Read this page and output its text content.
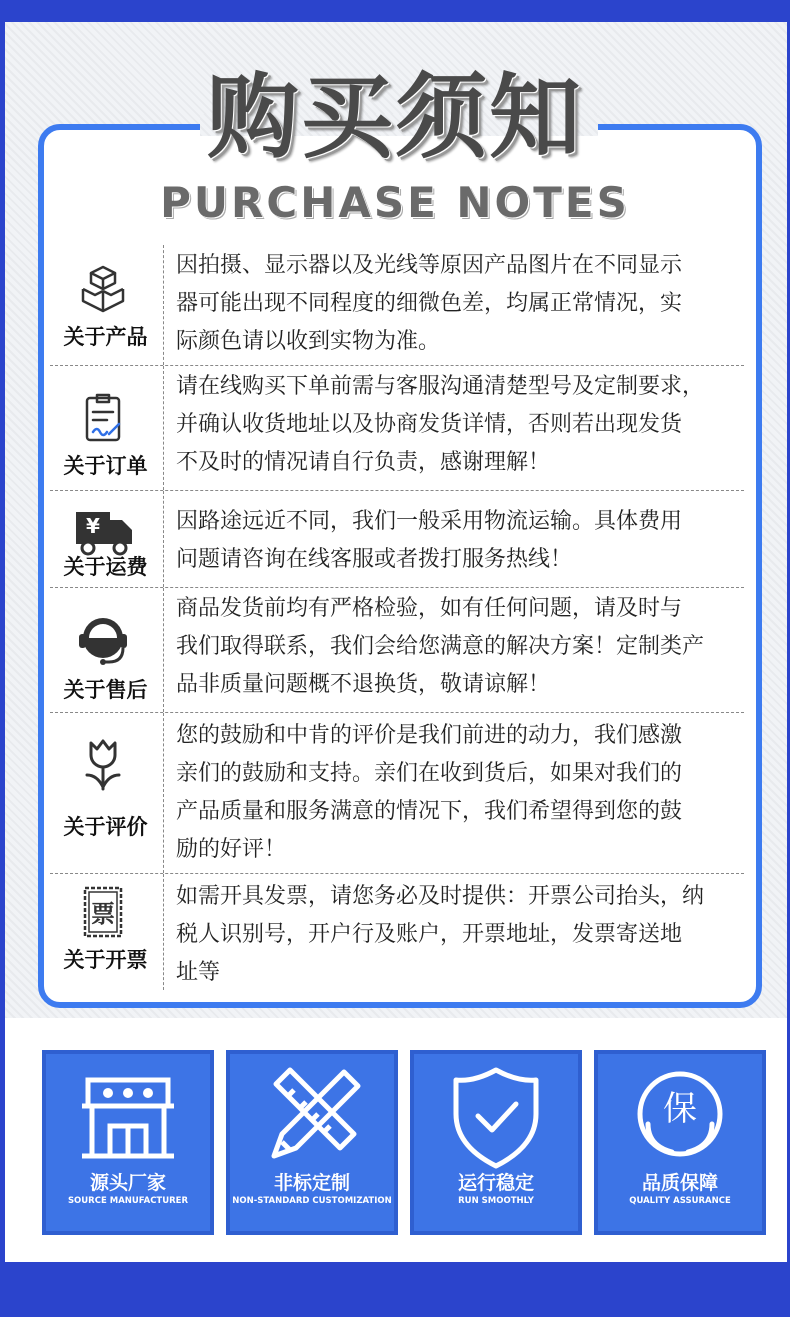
购买须知
PURCHASE NOTES
关于产品
因拍摄、显示器以及光线等原因产品图片在不同显示
器可能出现不同程度的细微色差，均属正常情况，实
际颜色请以收到实物为准。
关于订单
请在线购买下单前需与客服沟通清楚型号及定制要求，
并确认收货地址以及协商发货详情，否则若出现发货
不及时的情况请自行负责，感谢理解！
¥
关于运费
因路途远近不同，我们一般采用物流运输。具体费用
问题请咨询在线客服或者拨打服务热线！
关于售后
商品发货前均有严格检验，如有任何问题，请及时与
我们取得联系，我们会给您满意的解决方案！定制类产
品非质量问题概不退换货，敬请谅解！
关于评价
您的鼓励和中肯的评价是我们前进的动力，我们感激
亲们的鼓励和支持。亲们在收到货后，如果对我们的
产品质量和服务满意的情况下，我们希望得到您的鼓
励的好评！
票
关于开票
如需开具发票，请您务必及时提供：开票公司抬头，纳
税人识别号，开户行及账户，开票地址，发票寄送地
址等
源头厂家
SOURCE MANUFACTURER
非标定制
NON-STANDARD CUSTOMIZATION
运行稳定
RUN SMOOTHLY
保
品质保障
QUALITY ASSURANCE
